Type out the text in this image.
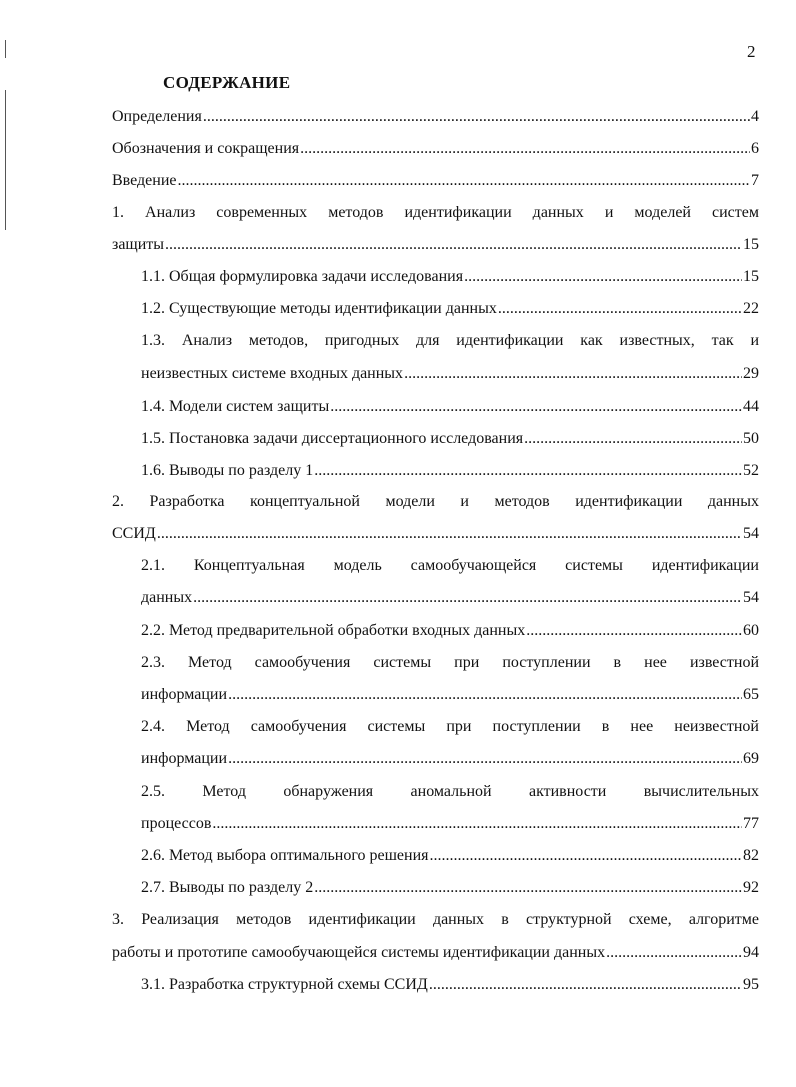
2
СОДЕРЖАНИЕ
Определения . . .	4
Обозначения и сокращения . . .	6
Введение . . .	7
1. Анализ современных методов идентификации данных и моделей систем
защиты . . .	15
1.1. Общая формулировка задачи исследования . . .	15
1.2. Существующие методы идентификации данных . . .	22
1.3. Анализ методов, пригодных для идентификации как известных, так и
неизвестных системе входных данных . . .	29
1.4. Модели систем защиты . . .	44
1.5. Постановка задачи диссертационного исследования . . .	50
1.6. Выводы по разделу 1 . . .	52
2. Разработка концептуальной модели и методов идентификации данных
ССИД . . .	54
2.1. Концептуальная модель самообучающейся системы идентификации
данных . . .	54
2.2. Метод предварительной обработки входных данных . . .	60
2.3. Метод самообучения системы при поступлении в нее известной
информации . . .	65
2.4. Метод самообучения системы при поступлении в нее неизвестной
информации . . .	69
2.5. Метод обнаружения аномальной активности вычислительных
процессов . . .	77
2.6. Метод выбора оптимального решения . . .	82
2.7. Выводы по разделу 2 . . .	92
3. Реализация методов идентификации данных в структурной схеме, алгоритме
работы и прототипе самообучающейся системы идентификации данных . . .	94
3.1. Разработка структурной схемы ССИД . . .	95
